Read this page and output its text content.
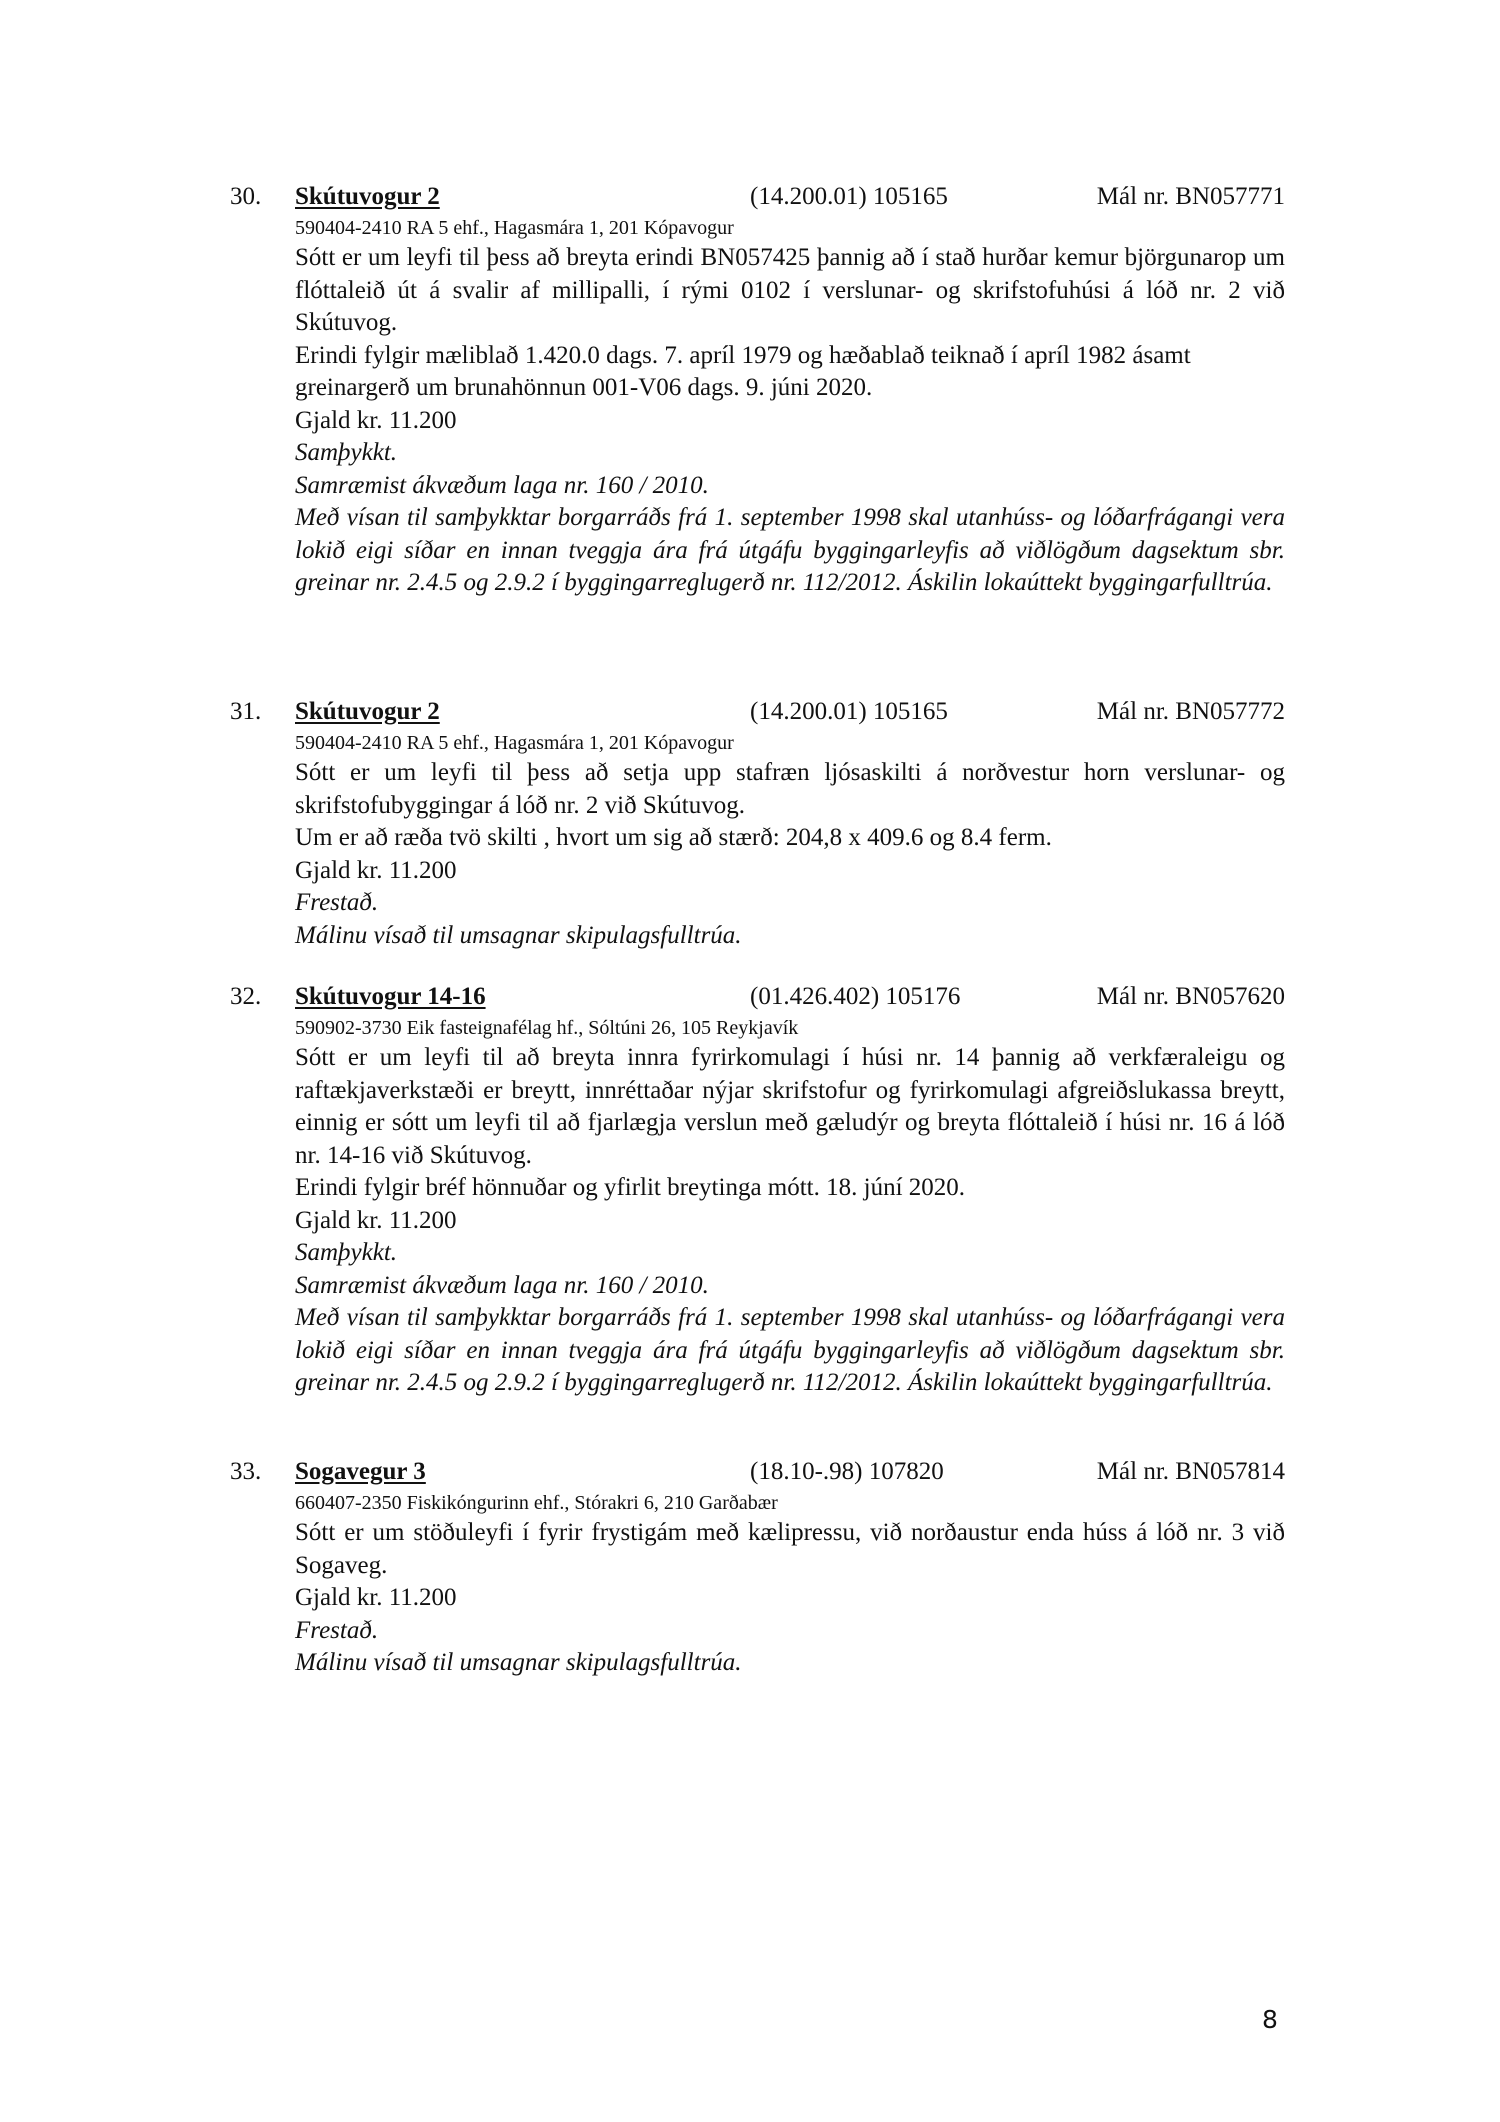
30. Skútuvogur 2	(14.200.01) 105165	Mál nr. BN057771
590404-2410 RA 5 ehf., Hagasmára 1, 201 Kópavogur
Sótt er um leyfi til þess að breyta erindi BN057425 þannig að í stað hurðar kemur björgunarop um flóttaleið út á svalir af millipalli, í rými 0102 í verslunar- og skrifstofuhúsi á lóð nr. 2 við Skútuvog.
Erindi fylgir mæliblað 1.420.0 dags. 7. apríl 1979 og hæðablað teiknað í apríl 1982 ásamt greinargerð um brunahönnun 001-V06 dags. 9. júni 2020.
Gjald kr. 11.200
Samþykkt.
Samræmist ákvæðum laga nr. 160 / 2010.
Með vísan til samþykktar borgarráðs frá 1. september 1998 skal utanhúss- og lóðarfrágangi vera lokið eigi síðar en innan tveggja ára frá útgáfu byggingarleyfis að viðlögðum dagsektum sbr. greinar nr. 2.4.5 og 2.9.2 í byggingarreglugerð nr. 112/2012. Áskilin lokaúttekt byggingarfulltrúa.
31. Skútuvogur 2	(14.200.01) 105165	Mál nr. BN057772
590404-2410 RA 5 ehf., Hagasmára 1, 201 Kópavogur
Sótt er um leyfi til þess að setja upp stafræn ljósaskilti á norðvestur horn verslunar- og skrifstofubyggingar á lóð nr. 2 við Skútuvog.
Um er að ræða tvö skilti , hvort um sig að stærð: 204,8 x 409.6 og 8.4 ferm.
Gjald kr. 11.200
Frestað.
Málinu vísað til umsagnar skipulagsfulltrúa.
32. Skútuvogur 14-16	(01.426.402) 105176	Mál nr. BN057620
590902-3730 Eik fasteignafélag hf., Sóltúni 26, 105 Reykjavík
Sótt er um leyfi til að breyta innra fyrirkomulagi í húsi nr. 14 þannig að verkfæraleigu og raftækjaverkstæði er breytt, innréttaðar nýjar skrifstofur og fyrirkomulagi afgreiðslukassa breytt, einnig er sótt um leyfi til að fjarlægja verslun með gæludýr og breyta flóttaleið í húsi nr. 16 á lóð nr. 14-16 við Skútuvog.
Erindi fylgir bréf hönnuðar og yfirlit breytinga mótt. 18. júní 2020.
Gjald kr. 11.200
Samþykkt.
Samræmist ákvæðum laga nr. 160 / 2010.
Með vísan til samþykktar borgarráðs frá 1. september 1998 skal utanhúss- og lóðarfrágangi vera lokið eigi síðar en innan tveggja ára frá útgáfu byggingarleyfis að viðlögðum dagsektum sbr. greinar nr. 2.4.5 og 2.9.2 í byggingarreglugerð nr. 112/2012. Áskilin lokaúttekt byggingarfulltrúa.
33. Sogavegur 3	(18.10-.98) 107820	Mál nr. BN057814
660407-2350 Fiskikóngurinn ehf., Stórakri 6, 210 Garðabær
Sótt er um stöðuleyfi í fyrir frystigám með kælipressu, við norðaustur enda húss á lóð nr. 3 við Sogaveg.
Gjald kr. 11.200
Frestað.
Málinu vísað til umsagnar skipulagsfulltrúa.
8
